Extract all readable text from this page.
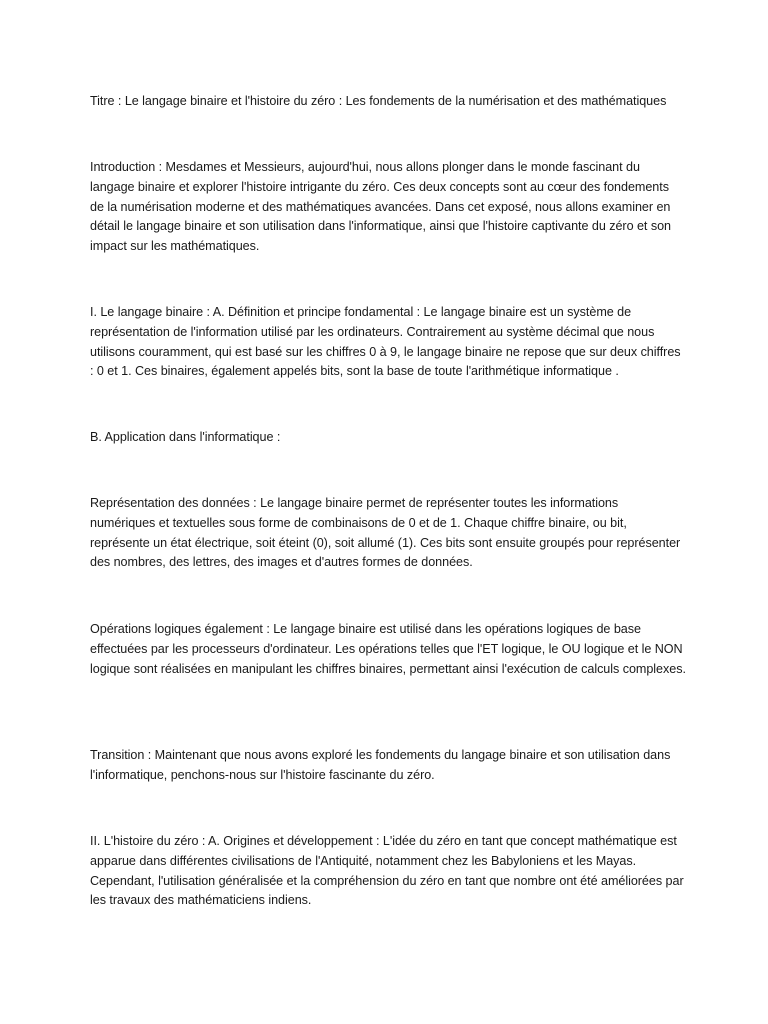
Titre : Le langage binaire et l'histoire du zéro : Les fondements de la numérisation et des mathématiques

Introduction : Mesdames et Messieurs, aujourd'hui, nous allons plonger dans le monde fascinant du langage binaire et explorer l'histoire intrigante du zéro. Ces deux concepts sont au cœur des fondements de la numérisation moderne et des mathématiques avancées. Dans cet exposé, nous allons examiner en détail le langage binaire et son utilisation dans l'informatique, ainsi que l'histoire captivante du zéro et son impact sur les mathématiques.

I. Le langage binaire : A. Définition et principe fondamental : Le langage binaire est un système de représentation de l'information utilisé par les ordinateurs. Contrairement au système décimal que nous utilisons couramment, qui est basé sur les chiffres 0 à 9, le langage binaire ne repose que sur deux chiffres : 0 et 1. Ces binaires, également appelés bits, sont la base de toute l'arithmétique informatique .

B. Application dans l'informatique :

Représentation des données : Le langage binaire permet de représenter toutes les informations numériques et textuelles sous forme de combinaisons de 0 et de 1. Chaque chiffre binaire, ou bit, représente un état électrique, soit éteint (0), soit allumé (1). Ces bits sont ensuite groupés pour représenter des nombres, des lettres, des images et d'autres formes de données.

Opérations logiques également : Le langage binaire est utilisé dans les opérations logiques de base effectuées par les processeurs d'ordinateur. Les opérations telles que l'ET logique, le OU logique et le NON logique sont réalisées en manipulant les chiffres binaires, permettant ainsi l'exécution de calculs complexes.

Transition : Maintenant que nous avons exploré les fondements du langage binaire et son utilisation dans l'informatique, penchons-nous sur l'histoire fascinante du zéro.

II. L'histoire du zéro : A. Origines et développement : L'idée du zéro en tant que concept mathématique est apparue dans différentes civilisations de l'Antiquité, notamment chez les Babyloniens et les Mayas. Cependant, l'utilisation généralisée et la compréhension du zéro en tant que nombre ont été améliorées par les travaux des mathématiciens indiens.
